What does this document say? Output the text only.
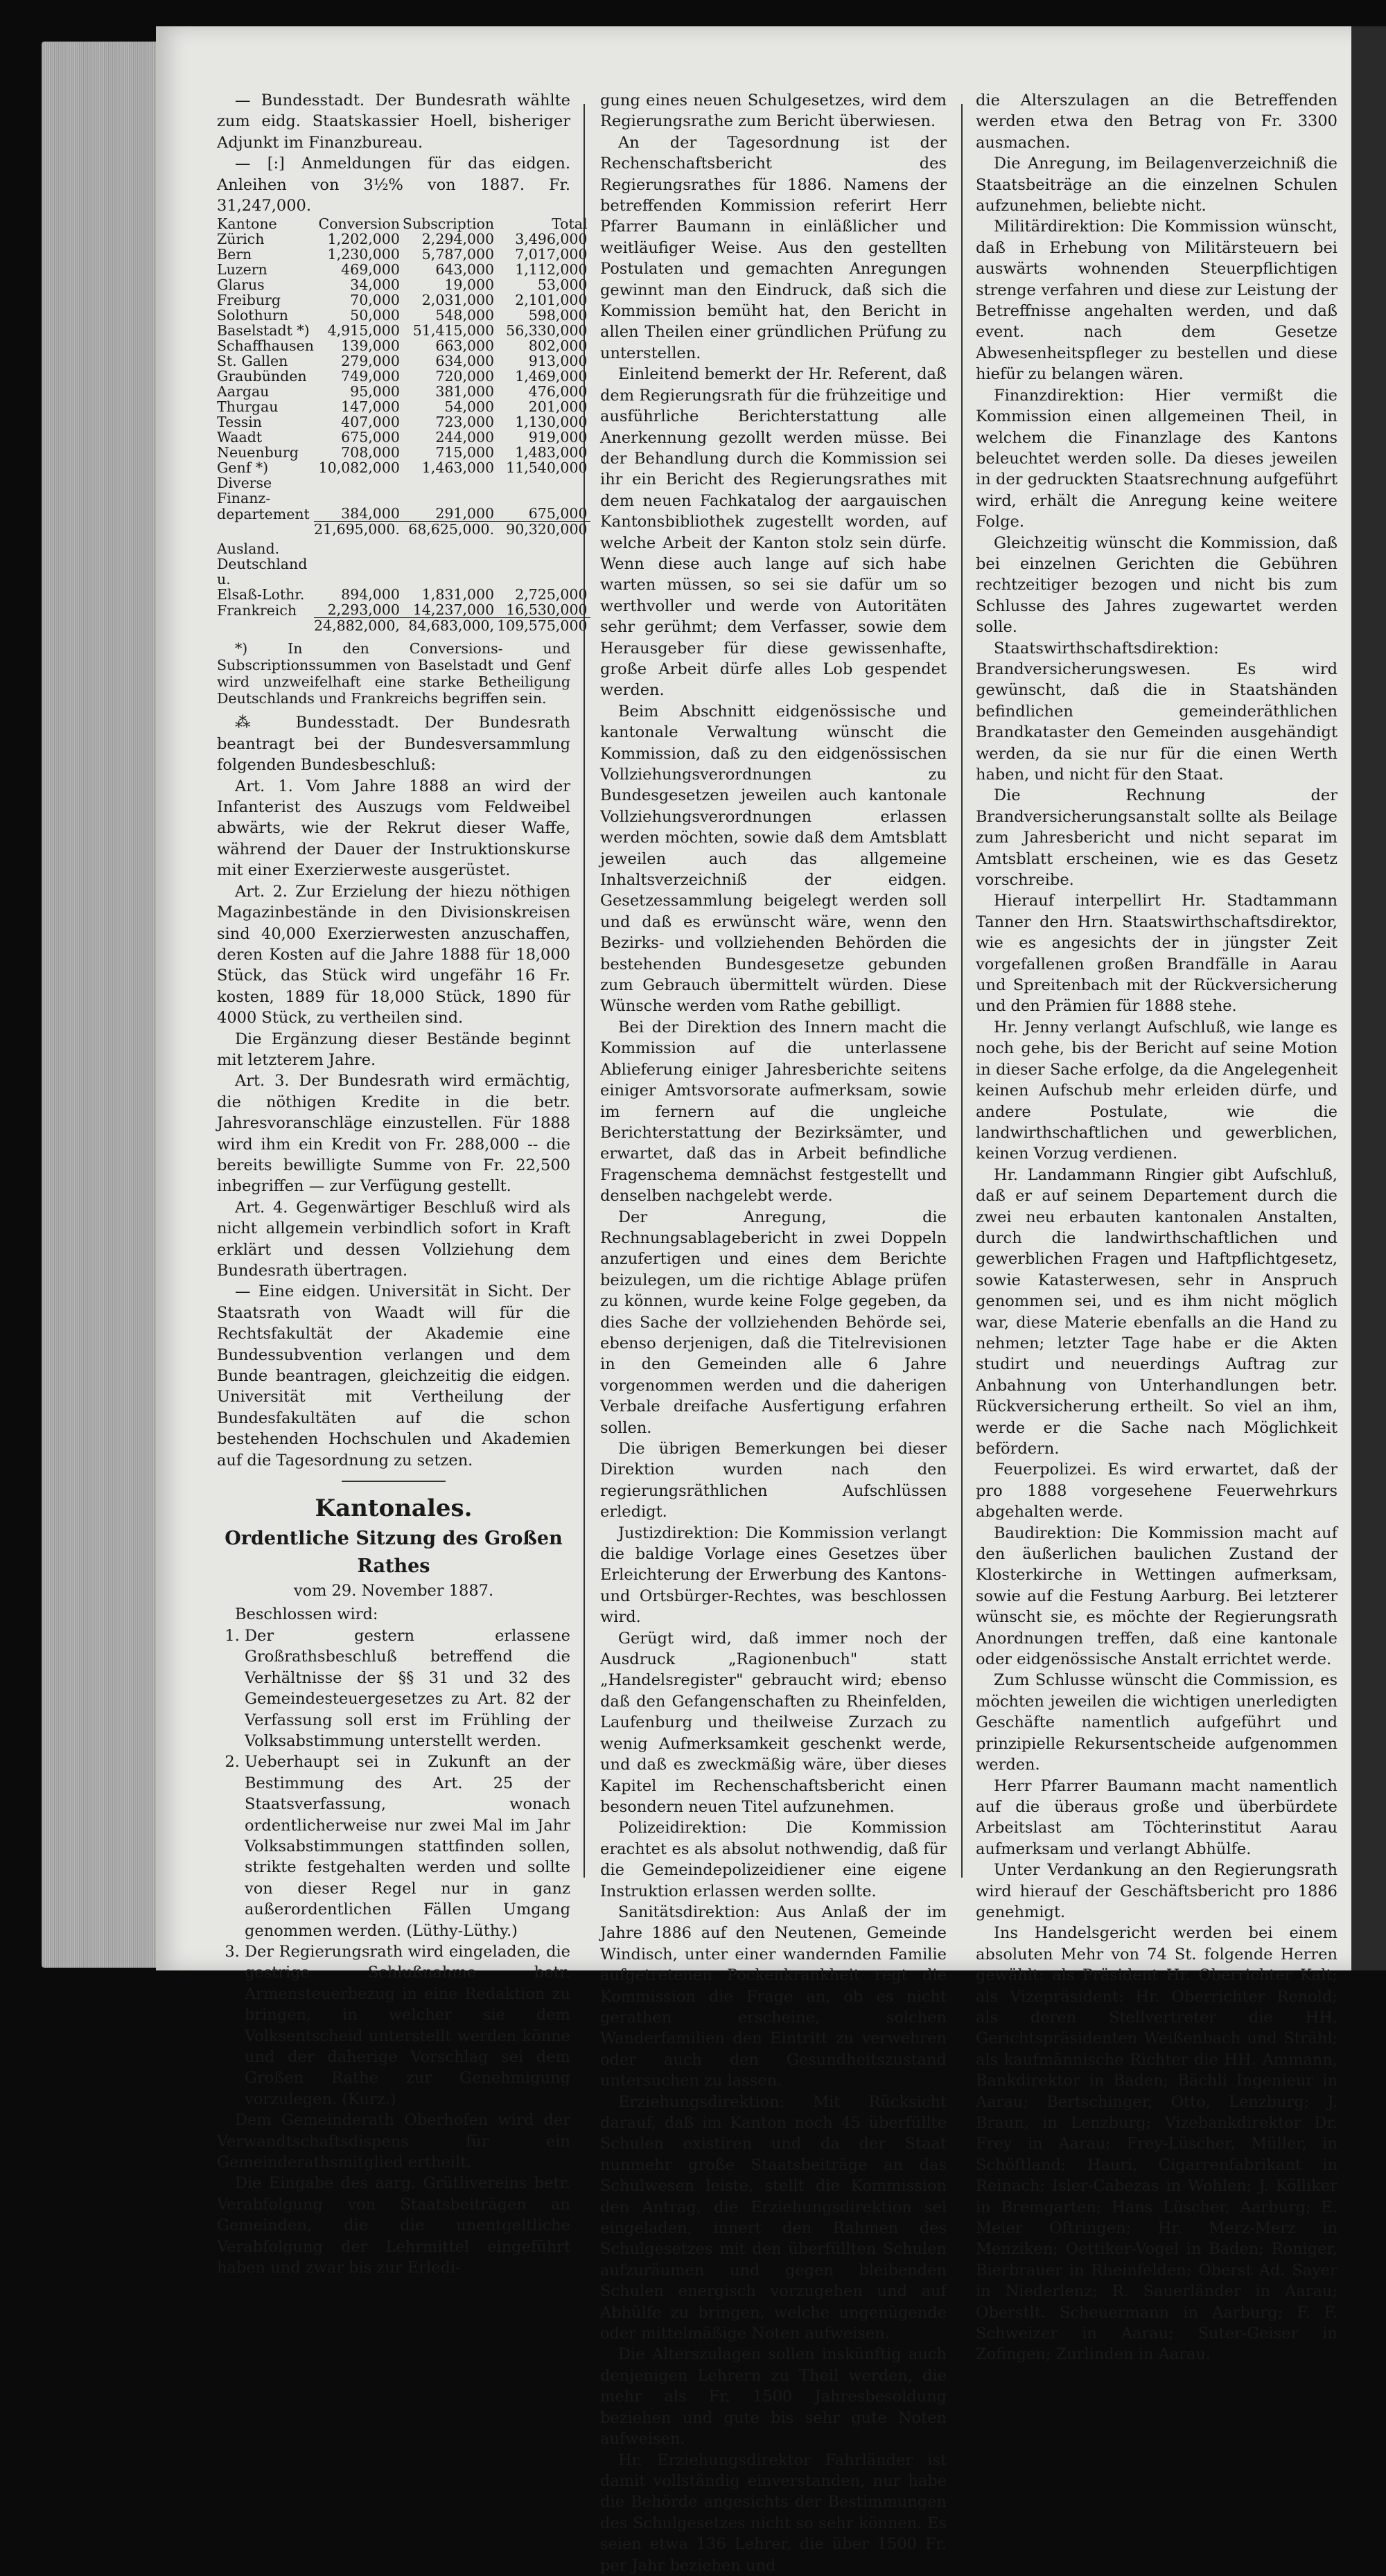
— Bundesstadt. Der Bundesrath wählte zum eidg. Staatskassier Hoell, bisheriger Adjunkt im Finanzbureau.

— [:] Anmeldungen für das eidgen. Anleihen von 3½% von 1887. Fr. 31,247,000.

Kantone	Conversion	Subscription	Total
Zürich	1,202,000	2,294,000	3,496,000
Bern	1,230,000	5,787,000	7,017,000
Luzern	469,000	643,000	1,112,000
Glarus	34,000	19,000	53,000
Freiburg	70,000	2,031,000	2,101,000
Solothurn	50,000	548,000	598,000
Baselstadt *)	4,915,000	51,415,000	56,330,000
Schaffhausen	139,000	663,000	802,000
St. Gallen	279,000	634,000	913,000
Graubünden	749,000	720,000	1,469,000
Aargau	95,000	381,000	476,000
Thurgau	147,000	54,000	201,000
Tessin	407,000	723,000	1,130,000
Waadt	675,000	244,000	919,000
Neuenburg	708,000	715,000	1,483,000
Genf *)	10,082,000	1,463,000	11,540,000
Diverse Finanz-			
departement	384,000	291,000	675,000
	21,695,000.	68,625,000.	90,320,000
Ausland.			
Deutschland u.			
Elsaß-Lothr.	894,000	1,831,000	2,725,000
Frankreich	2,293,000	14,237,000	16,530,000
	24,882,000,	84,683,000,	109,575,000

*) In den Conversions- und Subscriptionssummen von Baselstadt und Genf wird unzweifelhaft eine starke Betheiligung Deutschlands und Frankreichs begriffen sein.

⁂ Bundesstadt. Der Bundesrath beantragt bei der Bundesversammlung folgenden Bundesbeschluß:

Art. 1. Vom Jahre 1888 an wird der Infanterist des Auszugs vom Feldweibel abwärts, wie der Rekrut dieser Waffe, während der Dauer der Instruktionskurse mit einer Exerzierweste ausgerüstet.

Art. 2. Zur Erzielung der hiezu nöthigen Magazinbestände in den Divisionskreisen sind 40,000 Exerzierwesten anzuschaffen, deren Kosten auf die Jahre 1888 für 18,000 Stück, das Stück wird ungefähr 16 Fr. kosten, 1889 für 18,000 Stück, 1890 für 4000 Stück, zu vertheilen sind.

Die Ergänzung dieser Bestände beginnt mit letzterem Jahre.

Art. 3. Der Bundesrath wird ermächtig, die nöthigen Kredite in die betr. Jahresvoranschläge einzustellen. Für 1888 wird ihm ein Kredit von Fr. 288,000 -- die bereits bewilligte Summe von Fr. 22,500 inbegriffen — zur Verfügung gestellt.

Art. 4. Gegenwärtiger Beschluß wird als nicht allgemein verbindlich sofort in Kraft erklärt und dessen Vollziehung dem Bundesrath übertragen.

— Eine eidgen. Universität in Sicht. Der Staatsrath von Waadt will für die Rechtsfakultät der Akademie eine Bundessubvention verlangen und dem Bunde beantragen, gleichzeitig die eidgen. Universität mit Vertheilung der Bundesfakultäten auf die schon bestehenden Hochschulen und Akademien auf die Tagesordnung zu setzen.

Kantonales.
Ordentliche Sitzung des Großen Rathes

vom 29. November 1887.

Beschlossen wird:

1. Der gestern erlassene Großrathsbeschluß betreffend die Verhältnisse der §§ 31 und 32 des Gemeindesteuergesetzes zu Art. 82 der Verfassung soll erst im Frühling der Volksabstimmung unterstellt werden.
2. Ueberhaupt sei in Zukunft an der Bestimmung des Art. 25 der Staatsverfassung, wonach ordentlicherweise nur zwei Mal im Jahr Volksabstimmungen stattfinden sollen, strikte festgehalten werden und sollte von dieser Regel nur in ganz außerordentlichen Fällen Umgang genommen werden. (Lüthy-Lüthy.)
3. Der Regierungsrath wird eingeladen, die gestrige Schlußnahme betr. Armensteuerbezug in eine Redaktion zu bringen, in welcher sie dem Volksentscheid unterstellt werden könne und der daherige Vorschlag sei dem Großen Rathe zur Genehmigung vorzulegen. (Kurz.)

Dem Gemeinderath Oberhofen wird der Verwandtschaftsdispens für ein Gemeinderathsmitglied ertheilt.

Die Eingabe des aarg. Grütlivereins betr. Verabfolgung von Staatsbeiträgen an Gemeinden, die die unentgeltliche Verabfolgung der Lehrmittel eingeführt haben und zwar bis zur Erledi-

gung eines neuen Schulgesetzes, wird dem Regierungsrathe zum Bericht überwiesen.

An der Tagesordnung ist der Rechenschaftsbericht des Regierungsrathes für 1886. Namens der betreffenden Kommission referirt Herr Pfarrer Baumann in einläßlicher und weitläufiger Weise. Aus den gestellten Postulaten und gemachten Anregungen gewinnt man den Eindruck, daß sich die Kommission bemüht hat, den Bericht in allen Theilen einer gründlichen Prüfung zu unterstellen.

Einleitend bemerkt der Hr. Referent, daß dem Regierungsrath für die frühzeitige und ausführliche Berichterstattung alle Anerkennung gezollt werden müsse. Bei der Behandlung durch die Kommission sei ihr ein Bericht des Regierungsrathes mit dem neuen Fachkatalog der aargauischen Kantonsbibliothek zugestellt worden, auf welche Arbeit der Kanton stolz sein dürfe. Wenn diese auch lange auf sich habe warten müssen, so sei sie dafür um so werthvoller und werde von Autoritäten sehr gerühmt; dem Verfasser, sowie dem Herausgeber für diese gewissenhafte, große Arbeit dürfe alles Lob gespendet werden.

Beim Abschnitt eidgenössische und kantonale Verwaltung wünscht die Kommission, daß zu den eidgenössischen Vollziehungsverordnungen zu Bundesgesetzen jeweilen auch kantonale Vollziehungsverordnungen erlassen werden möchten, sowie daß dem Amtsblatt jeweilen auch das allgemeine Inhaltsverzeichniß der eidgen. Gesetzessammlung beigelegt werden soll und daß es erwünscht wäre, wenn den Bezirks- und vollziehenden Behörden die bestehenden Bundesgesetze gebunden zum Gebrauch übermittelt würden. Diese Wünsche werden vom Rathe gebilligt.

Bei der Direktion des Innern macht die Kommission auf die unterlassene Ablieferung einiger Jahresberichte seitens einiger Amtsvorsorate aufmerksam, sowie im fernern auf die ungleiche Berichterstattung der Bezirksämter, und erwartet, daß das in Arbeit befindliche Fragenschema demnächst festgestellt und denselben nachgelebt werde.

Der Anregung, die Rechnungsablagebericht in zwei Doppeln anzufertigen und eines dem Berichte beizulegen, um die richtige Ablage prüfen zu können, wurde keine Folge gegeben, da dies Sache der vollziehenden Behörde sei, ebenso derjenigen, daß die Titelrevisionen in den Gemeinden alle 6 Jahre vorgenommen werden und die daherigen Verbale dreifache Ausfertigung erfahren sollen.

Die übrigen Bemerkungen bei dieser Direktion wurden nach den regierungsräthlichen Aufschlüssen erledigt.

Justizdirektion: Die Kommission verlangt die baldige Vorlage eines Gesetzes über Erleichterung der Erwerbung des Kantons- und Ortsbürger-Rechtes, was beschlossen wird.

Gerügt wird, daß immer noch der Ausdruck „Ragionenbuch" statt „Handelsregister" gebraucht wird; ebenso daß den Gefangenschaften zu Rheinfelden, Laufenburg und theilweise Zurzach zu wenig Aufmerksamkeit geschenkt werde, und daß es zweckmäßig wäre, über dieses Kapitel im Rechenschaftsbericht einen besondern neuen Titel aufzunehmen.

Polizeidirektion: Die Kommission erachtet es als absolut nothwendig, daß für die Gemeindepolizeidiener eine eigene Instruktion erlassen werden sollte.

Sanitätsdirektion: Aus Anlaß der im Jahre 1886 auf den Neutenen, Gemeinde Windisch, unter einer wandernden Familie aufgetretenen Pockenkrankheit regt die Kommission die Frage an, ob es nicht gerathen erscheine, solchen Wanderfamilien den Eintritt zu verwehren oder auch den Gesundheitszustand untersuchen zu lassen.

Erziehungsdirektion: Mit Rücksicht darauf, daß im Kanton noch 45 überfüllte Schulen existiren und da der Staat nunmehr große Staatsbeiträge an das Schulwesen leiste, stellt die Kommission den Antrag, die Erziehungsdirektion sei eingeladen, innert den Rahmen des Schulgesetzes mit den überfüllten Schulen aufzuräumen und gegen bleibenden Schulen energisch vorzugehen und auf Abhülfe zu bringen, welche ungenügende oder mittelmäßige Noten aufweisen.

Die Alterszulagen sollen inskünftig auch denjenigen Lehrern zu Theil werden, die mehr als Fr. 1500 Jahresbesoldung beziehen und gute bis sehr gute Noten aufweisen.

Hr. Erziehungsdirektor Fahrländer ist damit vollständig einverstanden, nur habe die Behörde angesichts der Bestimmungen des Schulgesetzes nicht so sehr können. Es seien etwa 136 Lehrer, die über 1500 Fr. per Jahr beziehen und

die Alterszulagen an die Betreffenden werden etwa den Betrag von Fr. 3300 ausmachen.

Die Anregung, im Beilagenverzeichniß die Staatsbeiträge an die einzelnen Schulen aufzunehmen, beliebte nicht.

Militärdirektion: Die Kommission wünscht, daß in Erhebung von Militärsteuern bei auswärts wohnenden Steuerpflichtigen strenge verfahren und diese zur Leistung der Betreffnisse angehalten werden, und daß event. nach dem Gesetze Abwesenheitspfleger zu bestellen und diese hiefür zu belangen wären.

Finanzdirektion: Hier vermißt die Kommission einen allgemeinen Theil, in welchem die Finanzlage des Kantons beleuchtet werden solle. Da dieses jeweilen in der gedruckten Staatsrechnung aufgeführt wird, erhält die Anregung keine weitere Folge.

Gleichzeitig wünscht die Kommission, daß bei einzelnen Gerichten die Gebühren rechtzeitiger bezogen und nicht bis zum Schlusse des Jahres zugewartet werden solle.

Staatswirthschaftsdirektion: Brandversicherungswesen. Es wird gewünscht, daß die in Staatshänden befindlichen gemeinderäthlichen Brandkataster den Gemeinden ausgehändigt werden, da sie nur für die einen Werth haben, und nicht für den Staat.

Die Rechnung der Brandversicherungsanstalt sollte als Beilage zum Jahresbericht und nicht separat im Amtsblatt erscheinen, wie es das Gesetz vorschreibe.

Hierauf interpellirt Hr. Stadtammann Tanner den Hrn. Staatswirthschaftsdirektor, wie es angesichts der in jüngster Zeit vorgefallenen großen Brandfälle in Aarau und Spreitenbach mit der Rückversicherung und den Prämien für 1888 stehe.

Hr. Jenny verlangt Aufschluß, wie lange es noch gehe, bis der Bericht auf seine Motion in dieser Sache erfolge, da die Angelegenheit keinen Aufschub mehr erleiden dürfe, und andere Postulate, wie die landwirthschaftlichen und gewerblichen, keinen Vorzug verdienen.

Hr. Landammann Ringier gibt Aufschluß, daß er auf seinem Departement durch die zwei neu erbauten kantonalen Anstalten, durch die landwirthschaftlichen und gewerblichen Fragen und Haftpflichtgesetz, sowie Katasterwesen, sehr in Anspruch genommen sei, und es ihm nicht möglich war, diese Materie ebenfalls an die Hand zu nehmen; letzter Tage habe er die Akten studirt und neuerdings Auftrag zur Anbahnung von Unterhandlungen betr. Rückversicherung ertheilt. So viel an ihm, werde er die Sache nach Möglichkeit befördern.

Feuerpolizei. Es wird erwartet, daß der pro 1888 vorgesehene Feuerwehrkurs abgehalten werde.

Baudirektion: Die Kommission macht auf den äußerlichen baulichen Zustand der Klosterkirche in Wettingen aufmerksam, sowie auf die Festung Aarburg. Bei letzterer wünscht sie, es möchte der Regierungsrath Anordnungen treffen, daß eine kantonale oder eidgenössische Anstalt errichtet werde.

Zum Schlusse wünscht die Commission, es möchten jeweilen die wichtigen unerledigten Geschäfte namentlich aufgeführt und prinzipielle Rekursentscheide aufgenommen werden.

Herr Pfarrer Baumann macht namentlich auf die überaus große und überbürdete Arbeitslast am Töchterinstitut Aarau aufmerksam und verlangt Abhülfe.

Unter Verdankung an den Regierungsrath wird hierauf der Geschäftsbericht pro 1886 genehmigt.

Ins Handelsgericht werden bei einem absoluten Mehr von 74 St. folgende Herren gewählt: als Präsident Hr. Oberrichter Kalt; als Vizepräsident: Hr. Oberrichter Renold; als deren Stellvertreter die HH. Gerichtspräsidenten Weißenbach und Strähl; als kaufmännische Richter die HH. Ammann, Bankdirektor in Baden; Bächli Ingenieur in Aarau; Bertschinger, Otto, Lenzburg; J. Braun, in Lenzburg; Vizebankdirektor Dr. Frey in Aarau; Frey-Lüscher, Müller, in Schöftland; Hauri, Cigarrenfabrikant in Reinach; Isler-Cabezas in Wohlen; J. Kölliker in Bremgarten; Hans Lüscher, Aarburg; E. Meier Oftringen; Hr. Merz-Merz in Menziken; Oettiker-Vogel in Baden; Roniger, Bierbrauer in Rheinfelden; Oberst Ad. Sayer in Niederlenz; R. Sauerländer in Aarau; Oberstlt. Scheuermann in Aarburg; F. F. Schweizer in Aarau; Suter-Geiser in Zofingen; Zurlinden in Aarau.
